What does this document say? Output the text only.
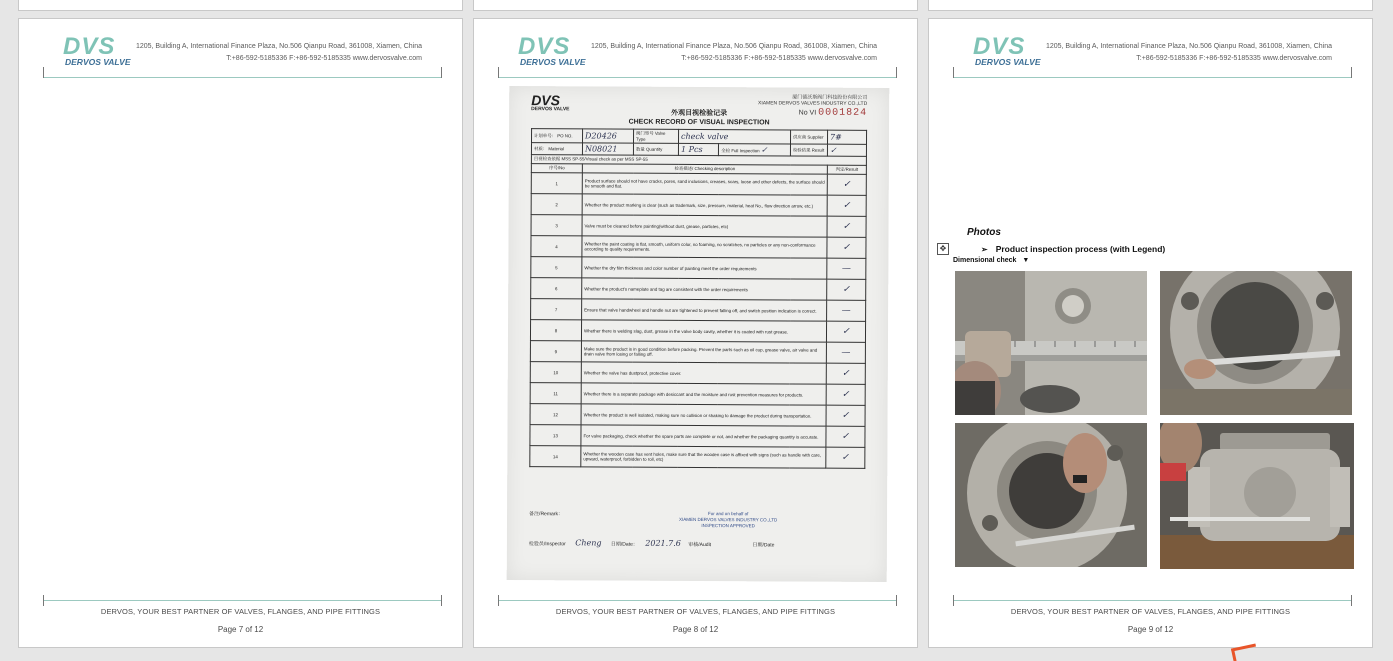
DVS
DERVOS VALVE
1205, Building A, International Finance Plaza, No.506 Qianpu Road, 361008, Xiamen, China
T:+86-592-5185336 F:+86-592-5185335 www.dervosvalve.com
DERVOS, YOUR BEST PARTNER OF VALVES, FLANGES, AND PIPE FITTINGS
Page 7 of 12
DVS
DERVOS VALVE
1205, Building A, International Finance Plaza, No.506 Qianpu Road, 361008, Xiamen, China
T:+86-592-5185336 F:+86-592-5185335 www.dervosvalve.com
DVS
DERVOS VALVE
厦门德沃斯阀门科技股份有限公司
XIAMEN DERVOS VALVES INDUSTRY CO.,LTD
外观目视检验记录
CHECK RECORD OF VISUAL INSPECTION
No VI 0001824
计划单号： PO NO.	D20426	阀门型号 Valve Type	check valve		供应商 Supplier	7#
材质： Material	N08021	数量 Quantity	1 Pcs	全检 Full Inspection ✓	检验结果 Result	✓
目视检查依据 MSS SP-55/Visual check as per MSS SP-55						
序号/No	检查描述/ Checking description					判定/Result
1	Product surface should not have cracks, pores, sand inclusions, creases, scars, loose and other defects, the surface should be smooth and flat.					✓
2	Whether the product marking is clear (such as trademark, size, pressure, material, heat No., flow direction arrow, etc.)					✓
3	Valve must be cleaned before painting(without dust, grease, particles, etc)					✓
4	Whether the paint coating is flat, smooth, uniform color, no foaming, no scratches, no particles or any non-conformance according to quality requirements.					✓
5	Whether the dry film thickness and color number of painting meet the order requirements					—
6	Whether the product's nameplate and tag are consistent with the order requirements					✓
7	Ensure that valve handwheel and handle nut are tightened to prevent falling off, and switch position indication is correct.					—
8	Whether there is welding slag, dust, grease in the valve body cavity, whether it is coated with rust grease.					✓
9	Make sure the product is in good condition before packing. Prevent the parts such as oil cup, grease valve, air valve and drain valve from losing or falling off.					—
10	Whether the valve has dustproof, protective cover.					✓
11	Whether there is a separate package with desiccant and the moisture and rust prevention measures for products.					✓
12	Whether the product is well isolated, making sure no collision or shaking to damage the product during transportation.					✓
13	For valve packaging, check whether the spare parts are complete or not, and whether the packaging quantity is accurate.					✓
14	Whether the wooden case has vent holes, make sure that the wooden case is affixed with signs (such as handle with care, upward, waterproof, forbidden to roll, etc)					✓
备注/Remark：	For and on behalf of
XIAMEN DERVOS VALVES INDUSTRY CO.,LTD
INSPECTION APPROVED
检验员/Inspector Cheng 日期/Date： 2021.7.6 审核/Audit	日期/Date
DERVOS, YOUR BEST PARTNER OF VALVES, FLANGES, AND PIPE FITTINGS
Page 8 of 12
DVS
DERVOS VALVE
1205, Building A, International Finance Plaza, No.506 Qianpu Road, 361008, Xiamen, China
T:+86-592-5185336 F:+86-592-5185335 www.dervosvalve.com
Photos
✥	➢ Product inspection process (with Legend)
Dimensional check ▼
DERVOS, YOUR BEST PARTNER OF VALVES, FLANGES, AND PIPE FITTINGS
Page 9 of 12
